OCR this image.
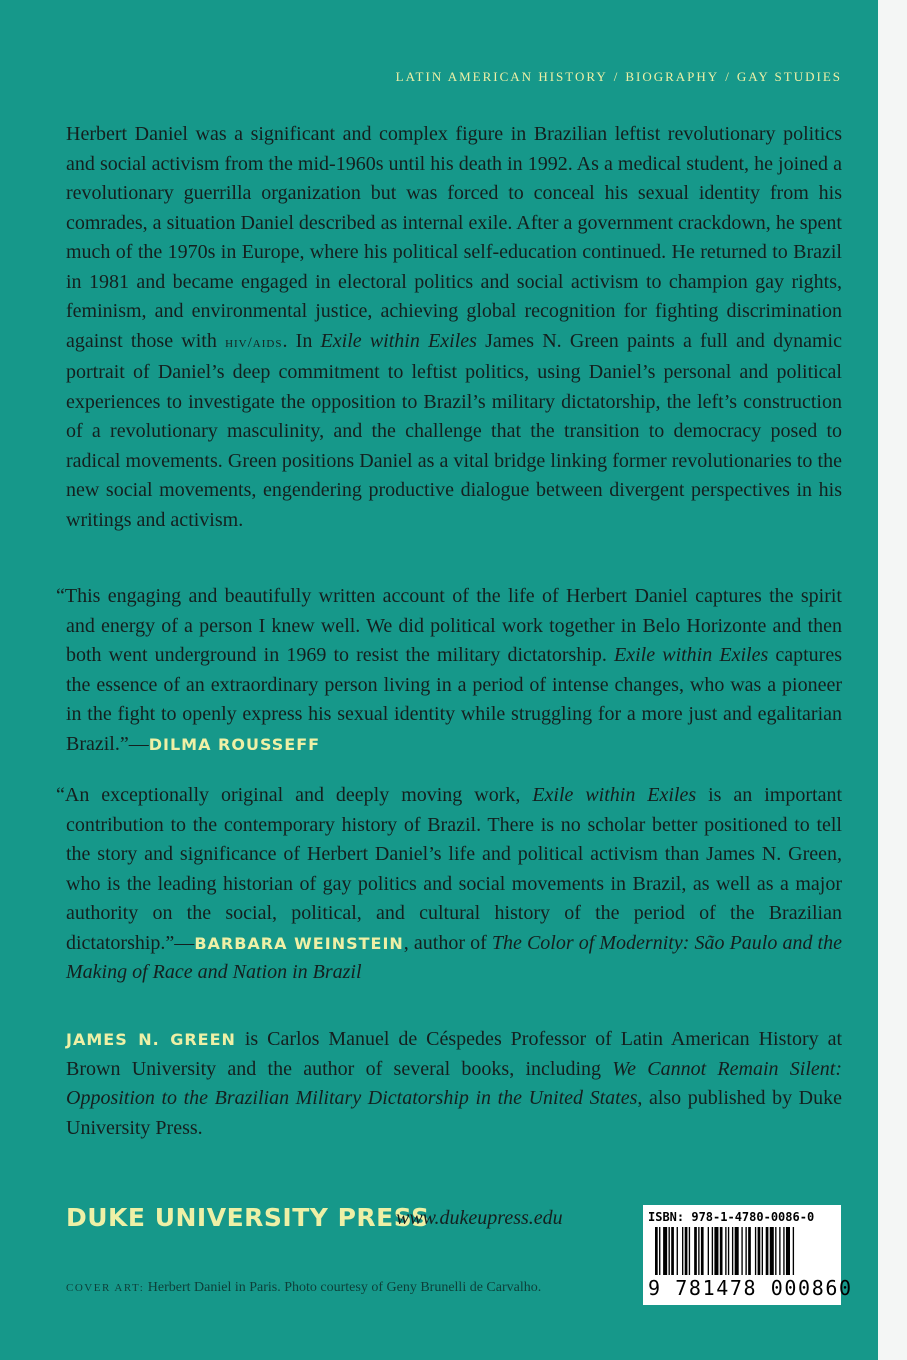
LATIN AMERICAN HISTORY / BIOGRAPHY / GAY STUDIES

Herbert Daniel was a significant and complex figure in Brazilian leftist revolutionary politics and social activism from the mid-1960s until his death in 1992. As a medical student, he joined a revolutionary guerrilla organization but was forced to conceal his sexual identity from his comrades, a situation Daniel described as internal exile. After a government crackdown, he spent much of the 1970s in Europe, where his political self-education continued. He returned to Brazil in 1981 and became engaged in electoral politics and social activism to champion gay rights, feminism, and environmental justice, achieving global recognition for fighting discrimination against those with hiv/aids. In Exile within Exiles James N. Green paints a full and dynamic portrait of Daniel’s deep commitment to leftist politics, using Daniel’s personal and political experiences to investigate the opposition to Brazil’s military dictatorship, the left’s construction of a revolutionary masculinity, and the challenge that the transition to democracy posed to radical movements. Green positions Daniel as a vital bridge linking former revolutionaries to the new social movements, engendering productive dialogue between divergent perspectives in his writings and activism.

“This engaging and beautifully written account of the life of Herbert Daniel captures the spirit and energy of a person I knew well. We did political work together in Belo Horizonte and then both went underground in 1969 to resist the military dictatorship. Exile within Exiles captures the essence of an extraordinary person living in a period of intense changes, who was a pioneer in the fight to openly express his sexual identity while struggling for a more just and egalitarian Brazil.”—DILMA ROUSSEFF

“An exceptionally original and deeply moving work, Exile within Exiles is an important contribution to the contemporary history of Brazil. There is no scholar better positioned to tell the story and significance of Herbert Daniel’s life and political activism than James N. Green, who is the leading historian of gay politics and social movements in Brazil, as well as a major authority on the social, political, and cultural history of the period of the Brazilian dictatorship.”—BARBARA WEINSTEIN, author of The Color of Modernity: São Paulo and the Making of Race and Nation in Brazil

JAMES N. GREEN is Carlos Manuel de Céspedes Professor of Latin American History at Brown University and the author of several books, including We Cannot Remain Silent: Opposition to the Brazilian Military Dictatorship in the United States, also published by Duke University Press.

DUKE UNIVERSITY PRESS
www.dukeupress.edu
COVER ART: Herbert Daniel in Paris. Photo courtesy of Geny Brunelli de Carvalho.
ISBN: 978-1-4780-0086-0
9 781478 000860
